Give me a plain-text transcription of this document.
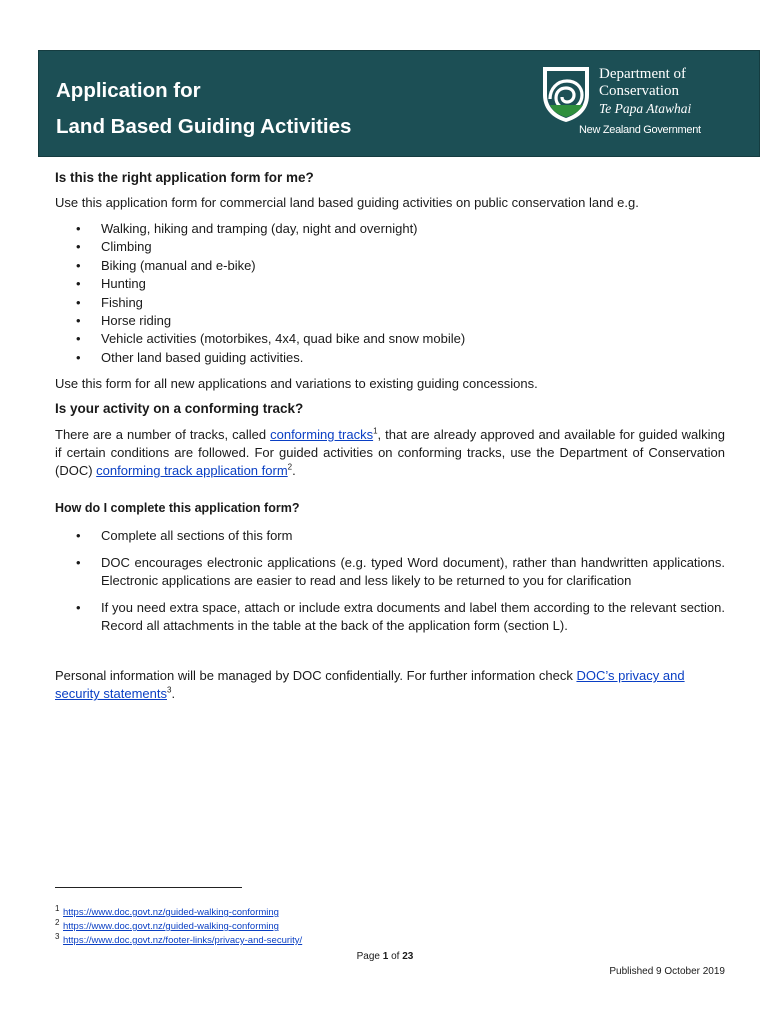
Application for
Land Based Guiding Activities
Department of
Conservation
Te Papa Atawhai
New Zealand Government
Is this the right application form for me?

Use this application form for commercial land based guiding activities on public conservation land e.g.

• Walking, hiking and tramping (day, night and overnight)
• Climbing
• Biking (manual and e-bike)
• Hunting
• Fishing
• Horse riding
• Vehicle activities (motorbikes, 4x4, quad bike and snow mobile)
• Other land based guiding activities.

Use this form for all new applications and variations to existing guiding concessions.

Is your activity on a conforming track?

There are a number of tracks, called conforming tracks$^1$, that are already approved and available for guided walking if certain conditions are followed. For guided activities on conforming tracks, use the Department of Conservation (DOC) conforming track application form$^2$.

How do I complete this application form?
• Complete all sections of this form
• DOC encourages electronic applications (e.g. typed Word document), rather than handwritten applications. Electronic applications are easier to read and less likely to be returned to you for clarification
• If you need extra space, attach or include extra documents and label them according to the relevant section. Record all attachments in the table at the back of the application form (section L).

Personal information will be managed by DOC confidentially. For further information check DOC’s privacy and security statements$^3$.

1 https://www.doc.govt.nz/guided-walking-conforming
2 https://www.doc.govt.nz/guided-walking-conforming
3 https://www.doc.govt.nz/footer-links/privacy-and-security/
Page 1 of 23
Published 9 October 2019
